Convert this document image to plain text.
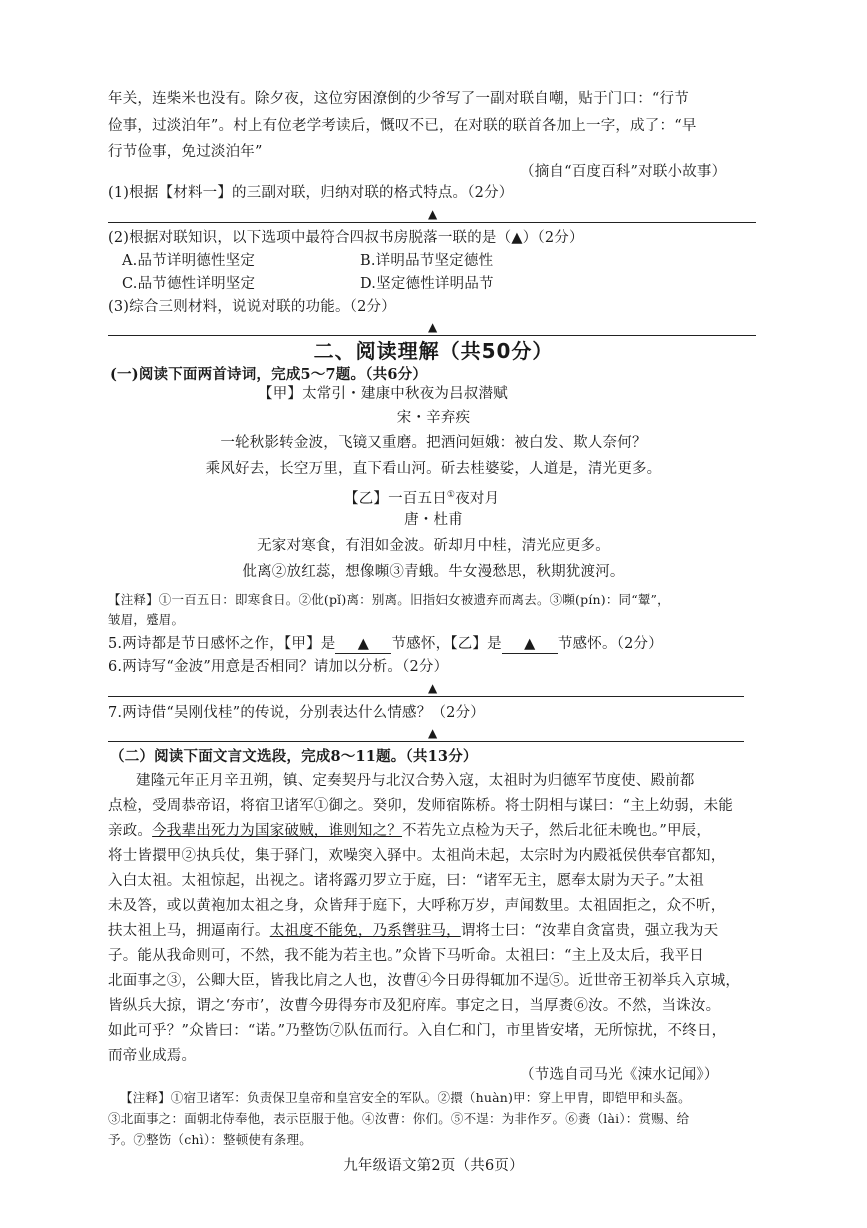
年关，连柴米也没有。除夕夜，这位穷困潦倒的少爷写了一副对联自嘲，贴于门口：“行节
俭事，过淡泊年”。村上有位老学考读后，慨叹不已，在对联的联首各加上一字，成了：“早
行节俭事，免过淡泊年”
（摘自“百度百科”对联小故事）
(1)根据【材料一】的三副对联，归纳对联的格式特点。（2分）
▲
(2)根据对联知识，以下选项中最符合四叔书房脱落一联的是（▲）（2分）
A.品节详明德性坚定	B.详明品节坚定德性
C.品节德性详明坚定	D.坚定德性详明品节
(3)综合三则材料，说说对联的功能。（2分）
▲
二、阅读理解（共50分）
(一)阅读下面两首诗词，完成5～7题。（共6分）
【甲】太常引・建康中秋夜为吕叔潜赋
宋・辛弃疾
一轮秋影转金波，飞镜又重磨。把酒问姮娥：被白发、欺人奈何？
乘风好去，长空万里，直下看山河。斫去桂婆娑，人道是，清光更多。
【乙】一百五日①夜对月
唐・杜甫
无家对寒食，有泪如金波。斫却月中桂，清光应更多。
仳离②放红蕊，想像嚬③青蛾。牛女漫愁思，秋期犹渡河。
【注释】①一百五日：即寒食日。②仳(pǐ)离：别离。旧指妇女被遗弃而离去。③嚬(pín)：同“颦”，
皱眉，蹙眉。
5.两诗都是节日感怀之作，【甲】是 ▲ 节感怀，【乙】是 ▲ 节感怀。（2分）
6.两诗写“金波”用意是否相同？请加以分析。（2分）
▲
7.两诗借“吴刚伐桂”的传说，分别表达什么情感？（2分）
▲
（二）阅读下面文言文选段，完成8～11题。（共13分）
建隆元年正月辛丑朔，镇、定奏契丹与北汉合势入寇，太祖时为归德军节度使、殿前都
点检，受周恭帝诏，将宿卫诸军①御之。癸卯，发师宿陈桥。将士阴相与谋曰：“主上幼弱，未能
亲政。今我辈出死力为国家破贼，谁则知之？不若先立点检为天子，然后北征未晚也。”甲辰，
将士皆擐甲②执兵仗，集于驿门，欢噪突入驿中。太祖尚未起，太宗时为内殿祗侯供奉官都知，
入白太祖。太祖惊起，出视之。诸将露刃罗立于庭，曰：“诸军无主，愿奉太尉为天子。”太祖
未及答，或以黄袍加太祖之身，众皆拜于庭下，大呼称万岁，声闻数里。太祖固拒之，众不听，
扶太祖上马，拥逼南行。太祖度不能免，乃系辔驻马，谓将士曰：“汝辈自贪富贵，强立我为天
子。能从我命则可，不然，我不能为若主也。”众皆下马听命。太祖曰：“主上及太后，我平日
北面事之③，公卿大臣，皆我比肩之人也，汝曹④今日毋得辄加不逞⑤。近世帝王初举兵入京城，
皆纵兵大掠，谓之‘夯市’，汝曹今毋得夯市及犯府库。事定之日，当厚赉⑥汝。不然，当诛汝。
如此可乎？”众皆曰：“诺。”乃整饬⑦队伍而行。入自仁和门，市里皆安堵，无所惊扰，不终日，
而帝业成焉。
（节选自司马光《涑水记闻》）
【注释】①宿卫诸军：负责保卫皇帝和皇宫安全的军队。②擐（huàn)甲：穿上甲胄，即铠甲和头盔。
③北面事之：面朝北侍奉他，表示臣服于他。④汝曹：你们。⑤不逞：为非作歹。⑥赉（lài）：赏赐、给
予。⑦整饬（chì）：整顿使有条理。
九年级语文第2页（共6页）
